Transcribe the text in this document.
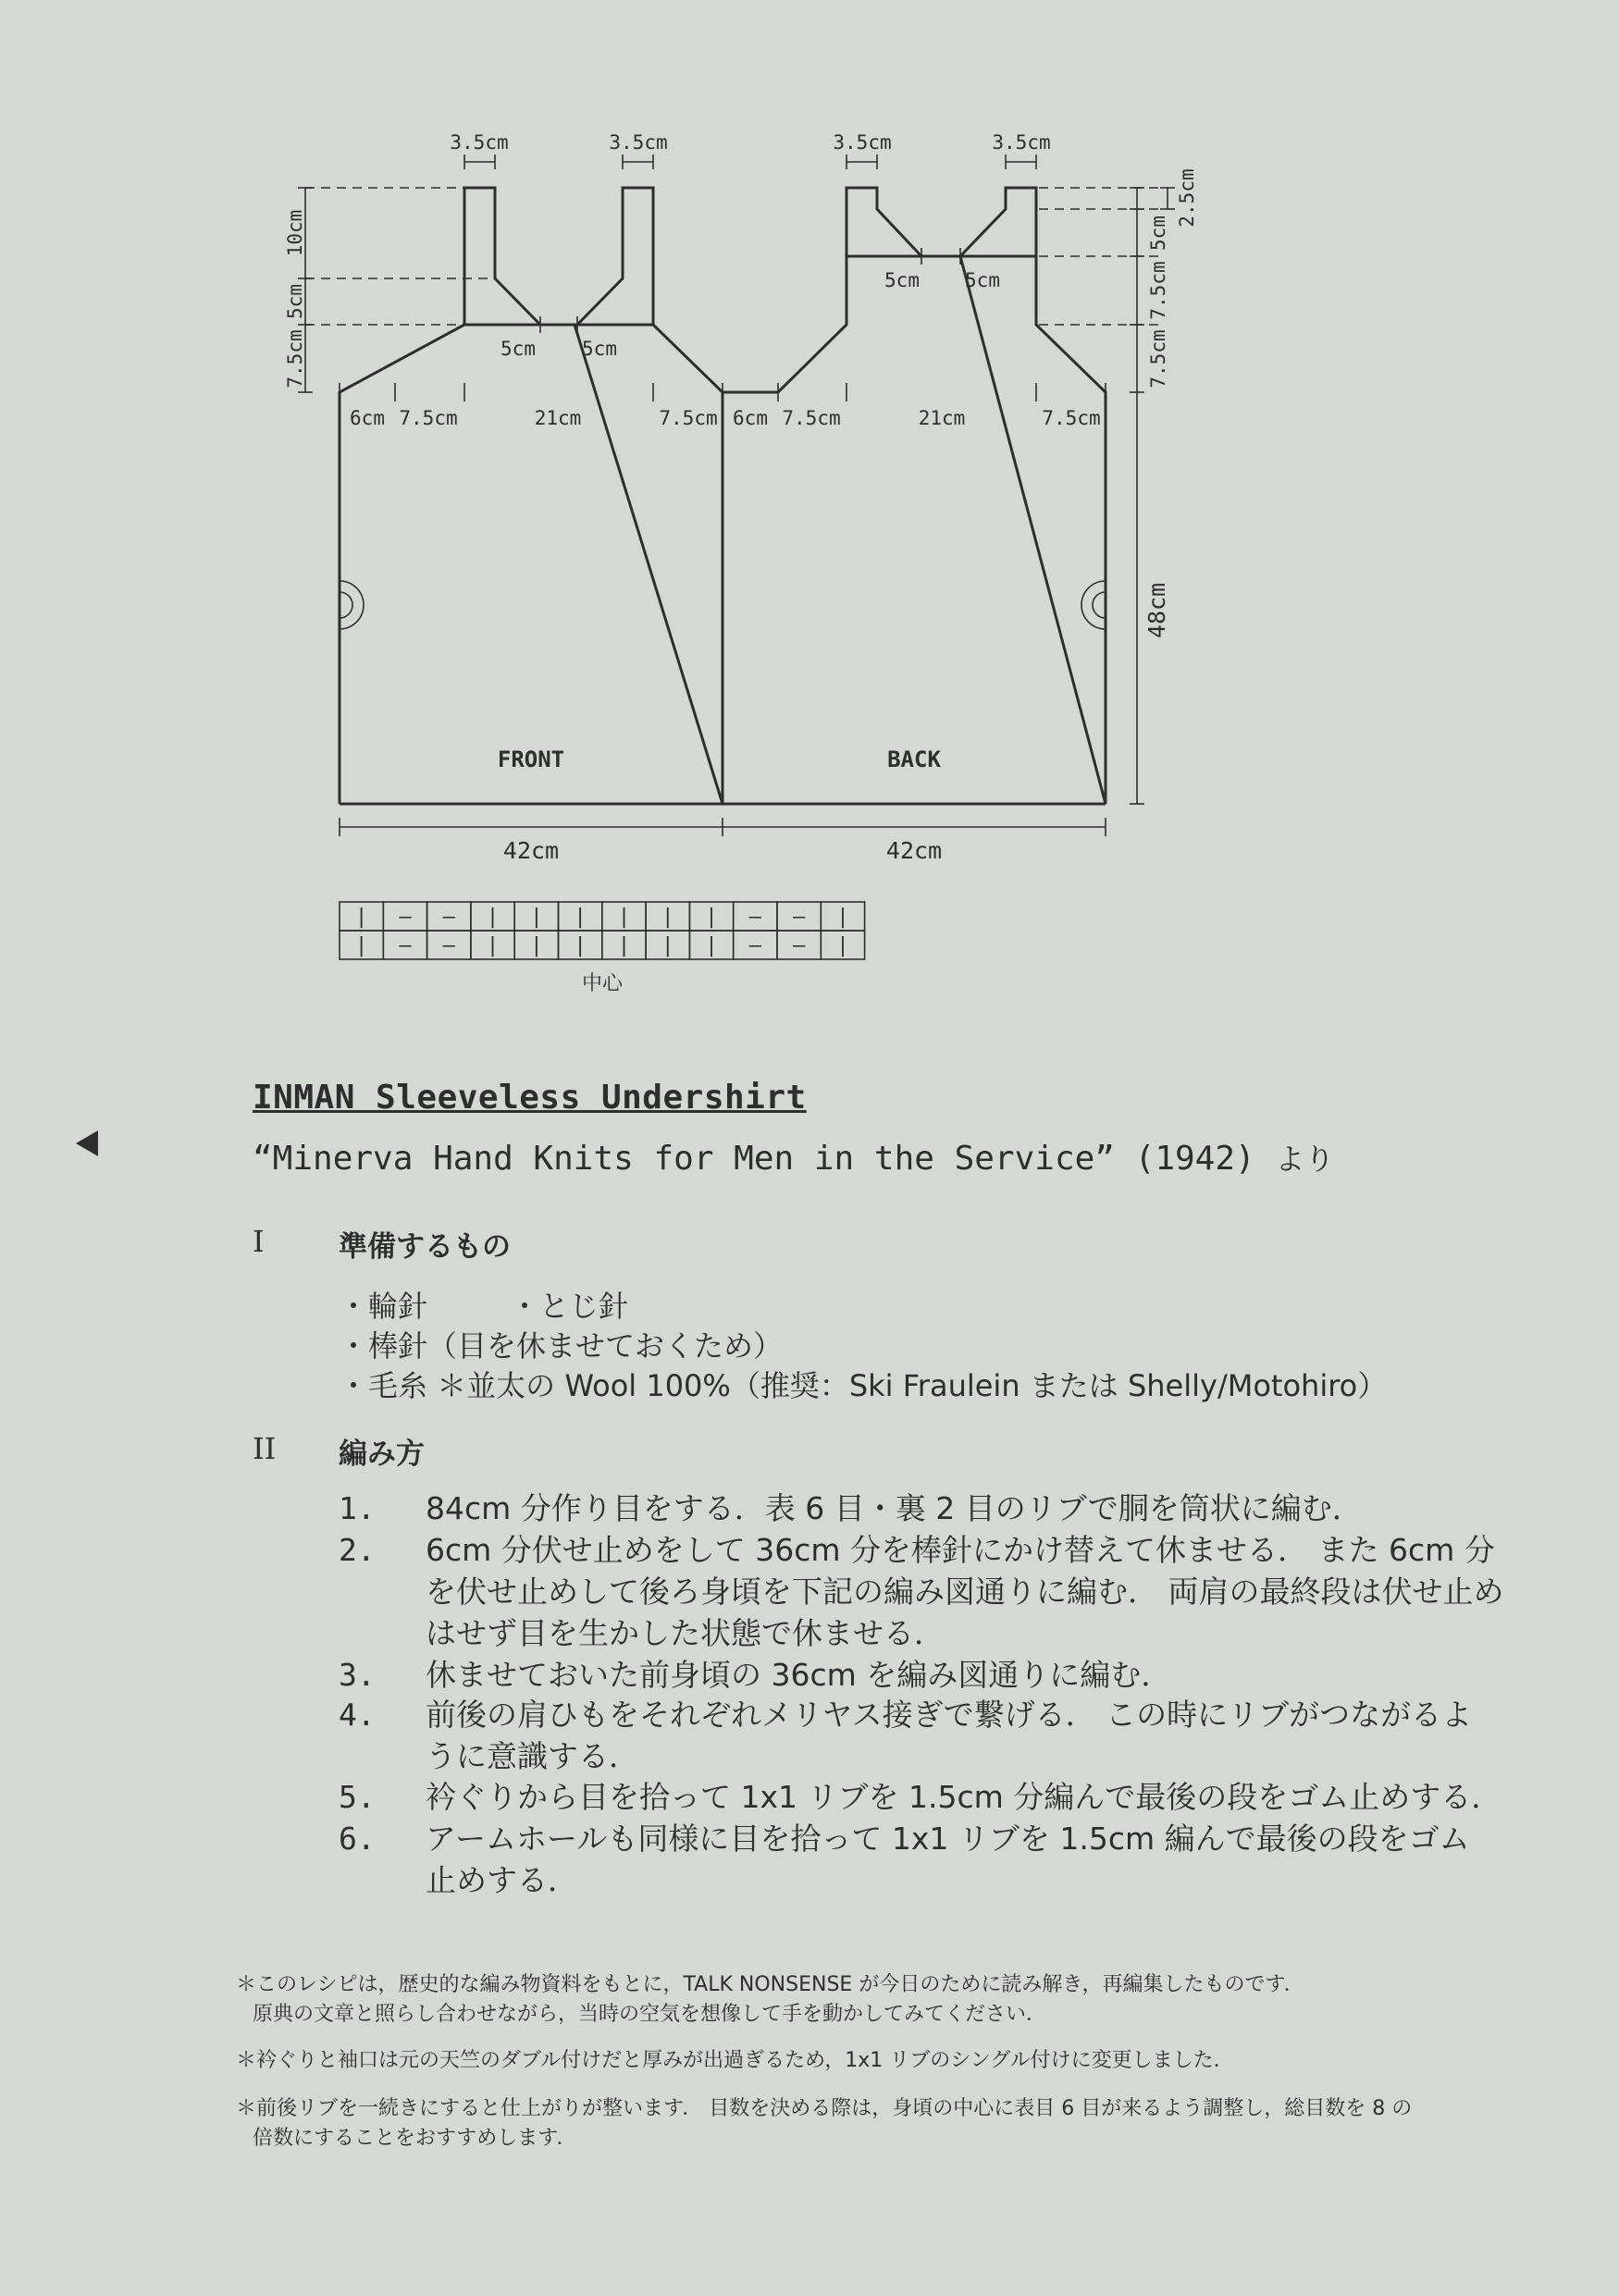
3.5cm	3.5cm	3.5cm	3.5cm
5cm 5cm
5cm 5cm
10cm
5cm
7.5cm
2.5cm
5cm
7.5cm
7.5cm
6cm 7.5cm	21cm	7.5cm 6cm 7.5cm	21cm	7.5cm
48cm
FRONT	BACK
42cm	42cm
| – – | | | | | | – – |
| – – | | | | | | – – |
中心
INMAN Sleeveless Undershirt
“Minerva Hand Knits for Men in the Service” (1942) より
I	準備するもの
・輪針	・とじ針
・棒針（目を休ませておくため）
・毛糸 ＊並太の Wool 100%（推奨：Ski Fraulein または Shelly/Motohiro）
II 編み方
1. 84cm 分作り目をする．表 6 目・裏 2 目のリブで胴を筒状に編む．
2. 6cm 分伏せ止めをして 36cm 分を棒針にかけ替えて休ませる． また 6cm 分
を伏せ止めして後ろ身頃を下記の編み図通りに編む． 両肩の最終段は伏せ止め
はせず目を生かした状態で休ませる．
3. 休ませておいた前身頃の 36cm を編み図通りに編む．
4. 前後の肩ひもをそれぞれメリヤス接ぎで繋げる． この時にリブがつながるよ
うに意識する．
5. 衿ぐりから目を拾って 1x1 リブを 1.5cm 分編んで最後の段をゴム止めする．
6. アームホールも同様に目を拾って 1x1 リブを 1.5cm 編んで最後の段をゴム
止めする．
＊このレシピは，歴史的な編み物資料をもとに，TALK NONSENSE が今日のために読み解き，再編集したものです．
原典の文章と照らし合わせながら，当時の空気を想像して手を動かしてみてください．
＊衿ぐりと袖口は元の天竺のダブル付けだと厚みが出過ぎるため，1x1 リブのシングル付けに変更しました．
＊前後リブを一続きにすると仕上がりが整います． 目数を決める際は，身頃の中心に表目 6 目が来るよう調整し，総目数を 8 の
倍数にすることをおすすめします．
